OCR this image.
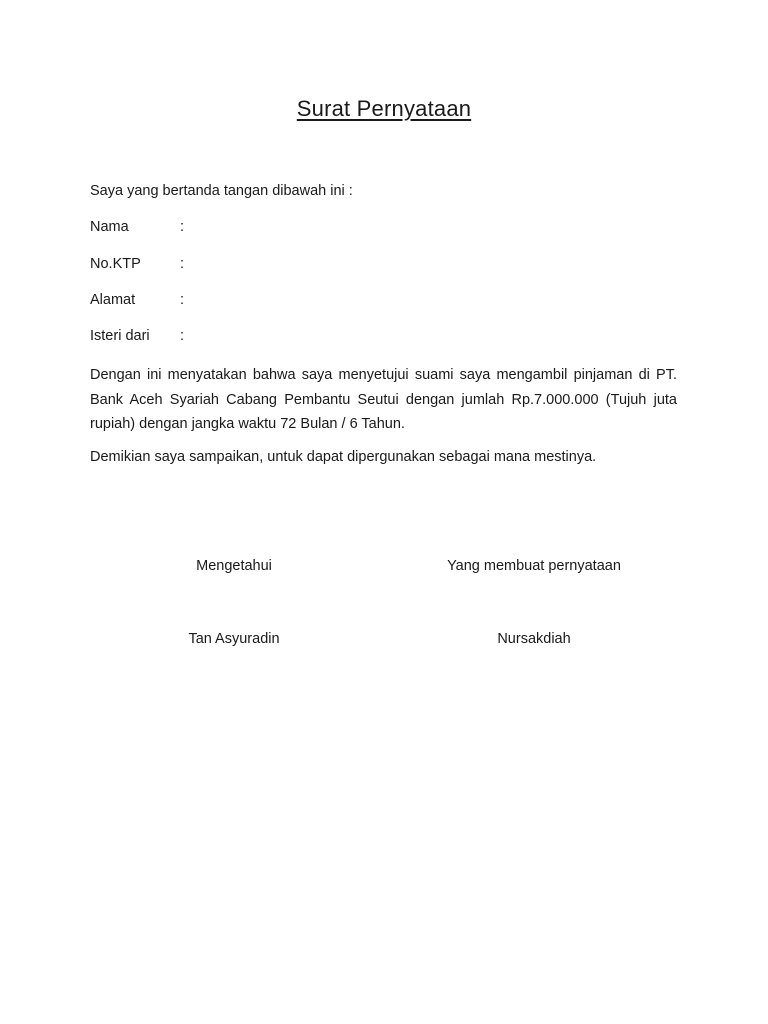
Surat Pernyataan
Saya yang bertanda tangan dibawah ini :
Nama	:
No.KTP	:
Alamat	:
Isteri dari :

Dengan ini menyatakan bahwa saya menyetujui suami saya mengambil pinjaman di PT. Bank Aceh Syariah Cabang Pembantu Seutui dengan jumlah Rp.7.000.000 (Tujuh juta rupiah) dengan jangka waktu 72 Bulan / 6 Tahun.

Demikian saya sampaikan, untuk dapat dipergunakan sebagai mana mestinya.

Mengetahui	Yang membuat pernyataan
Tan Asyuradin	Nursakdiah
